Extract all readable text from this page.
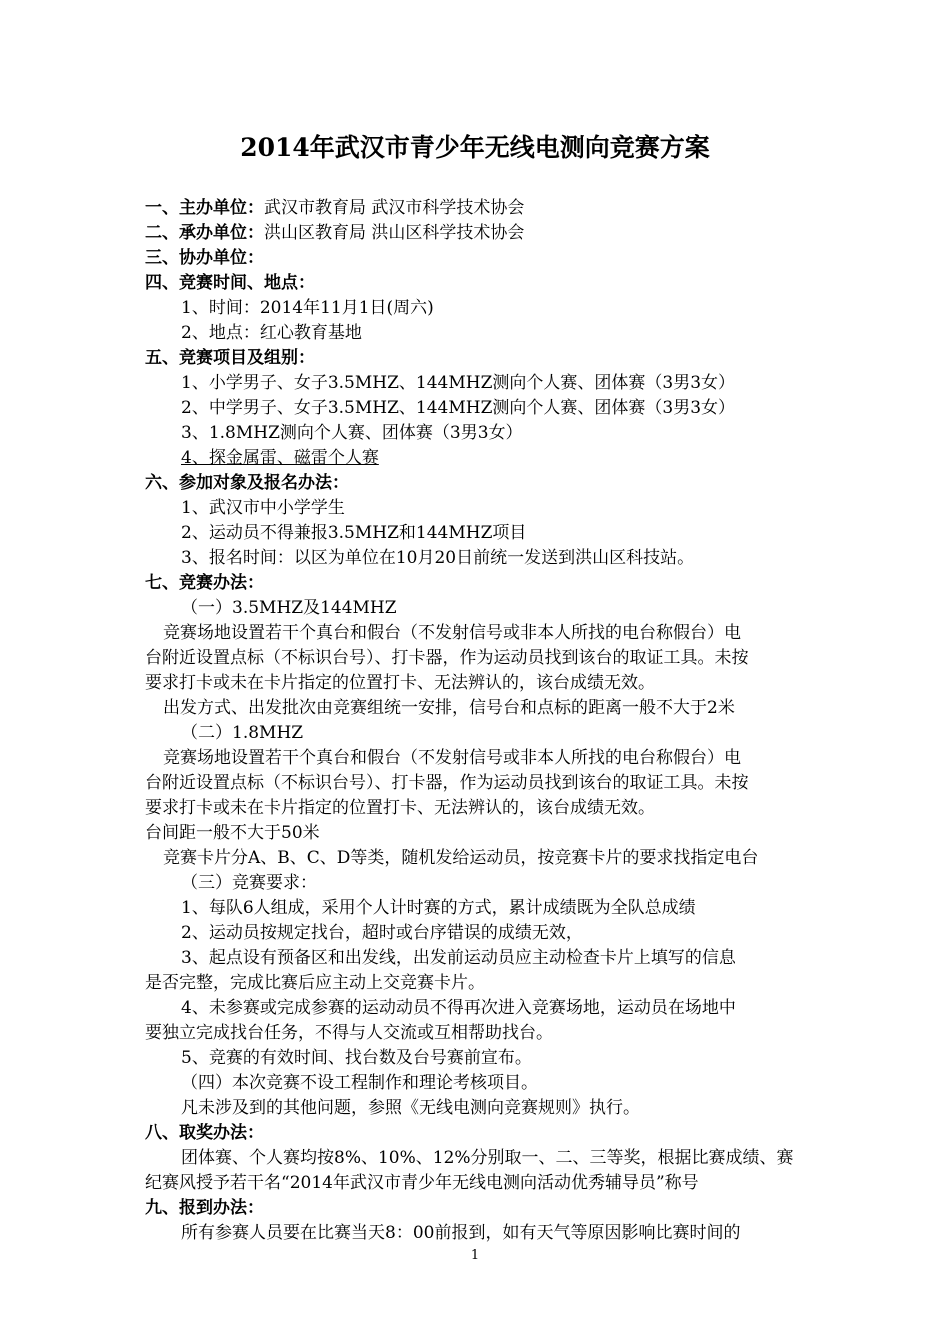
2014年武汉市青少年无线电测向竞赛方案
一、主办单位：武汉市教育局 武汉市科学技术协会
二、承办单位：洪山区教育局 洪山区科学技术协会
三、协办单位：
四、竞赛时间、地点：
1、时间：2014年11月1日(周六)
2、地点：红心教育基地
五、竞赛项目及组别：
1、小学男子、女子3.5MHZ、144MHZ测向个人赛、团体赛（3男3女）
2、中学男子、女子3.5MHZ、144MHZ测向个人赛、团体赛（3男3女）
3、1.8MHZ测向个人赛、团体赛（3男3女）
4、探金属雷、磁雷个人赛
六、参加对象及报名办法：
1、武汉市中小学学生
2、运动员不得兼报3.5MHZ和144MHZ项目
3、报名时间：以区为单位在10月20日前统一发送到洪山区科技站。
七、竞赛办法：
（一）3.5MHZ及144MHZ
竞赛场地设置若干个真台和假台（不发射信号或非本人所找的电台称假台）电
台附近设置点标（不标识台号）、打卡器，作为运动员找到该台的取证工具。未按
要求打卡或未在卡片指定的位置打卡、无法辨认的，该台成绩无效。
出发方式、出发批次由竞赛组统一安排，信号台和点标的距离一般不大于2米
（二）1.8MHZ
竞赛场地设置若干个真台和假台（不发射信号或非本人所找的电台称假台）电
台附近设置点标（不标识台号）、打卡器，作为运动员找到该台的取证工具。未按
要求打卡或未在卡片指定的位置打卡、无法辨认的，该台成绩无效。
台间距一般不大于50米
竞赛卡片分A、B、C、D等类，随机发给运动员，按竞赛卡片的要求找指定电台
（三）竞赛要求：
1、每队6人组成，采用个人计时赛的方式，累计成绩既为全队总成绩
2、运动员按规定找台，超时或台序错误的成绩无效，
3、起点设有预备区和出发线，出发前运动员应主动检查卡片上填写的信息
是否完整，完成比赛后应主动上交竞赛卡片。
4、未参赛或完成参赛的运动动员不得再次进入竞赛场地，运动员在场地中
要独立完成找台任务，不得与人交流或互相帮助找台。
5、竞赛的有效时间、找台数及台号赛前宣布。
（四）本次竞赛不设工程制作和理论考核项目。
凡未涉及到的其他问题，参照《无线电测向竞赛规则》执行。
八、取奖办法：
团体赛、个人赛均按8%、10%、12%分别取一、二、三等奖，根据比赛成绩、赛
纪赛风授予若干名“2014年武汉市青少年无线电测向活动优秀辅导员”称号
九、报到办法：
所有参赛人员要在比赛当天8：00前报到，如有天气等原因影响比赛时间的
1
